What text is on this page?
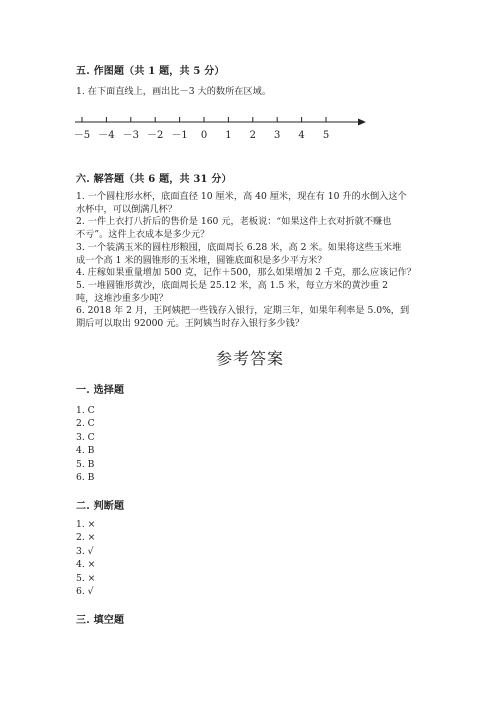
五. 作图题（共 1 题，共 5 分）
1. 在下面直线上，画出比－3 大的数所在区域。
－5 －4 －3 －2 －1 0 1 2 3 4 5
六. 解答题（共 6 题，共 31 分）
1. 一个圆柱形水杯，底面直径 10 厘米，高 40 厘米，现在有 10 升的水倒入这个
水杯中，可以倒满几杯？
2. 一件上衣打八折后的售价是 160 元，老板说：“如果这件上衣对折就不赚也
不亏”。这件上衣成本是多少元？
3. 一个装满玉米的圆柱形粮囤，底面周长 6.28 米，高 2 米。如果将这些玉米堆
成一个高 1 米的圆锥形的玉米堆，圆锥底面积是多少平方米？
4. 庄稼如果重量增加 500 克，记作＋500，那么如果增加 2 千克，那么应该记作？
5. 一堆圆锥形黄沙，底面周长是 25.12 米，高 1.5 米，每立方米的黄沙重 2
吨，这堆沙重多少吨？
6. 2018 年 2 月，王阿姨把一些钱存入银行，定期三年，如果年利率是 5.0%，到
期后可以取出 92000 元。王阿姨当时存入银行多少钱？
参考答案
一. 选择题
1. C
2. C
3. C
4. B
5. B
6. B
二. 判断题
1. ×
2. ×
3. √
4. ×
5. ×
6. √
三. 填空题
